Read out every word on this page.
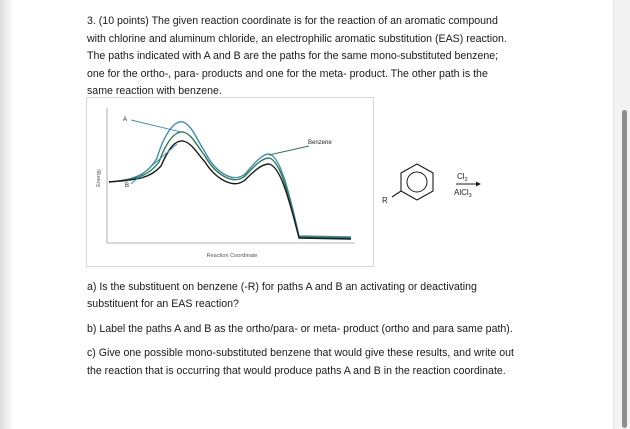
3. (10 points) The given reaction coordinate is for the reaction of an aromatic compound
with chlorine and aluminum chloride, an electrophilic aromatic substitution (EAS) reaction.
The paths indicated with A and B are the paths for the same mono-substituted benzene;
one for the ortho-, para- products and one for the meta- product. The other path is the
same reaction with benzene.
Energy
Reaction Coordinate
A
B
Benzene
R
$Cl_2$
AlCl$_3$

a) Is the substituent on benzene (-R) for paths A and B an activating or deactivating
substituent for an EAS reaction?

b) Label the paths A and B as the ortho/para- or meta- product (ortho and para same path).

c) Give one possible mono-substituted benzene that would give these results, and write out
the reaction that is occurring that would produce paths A and B in the reaction coordinate.
